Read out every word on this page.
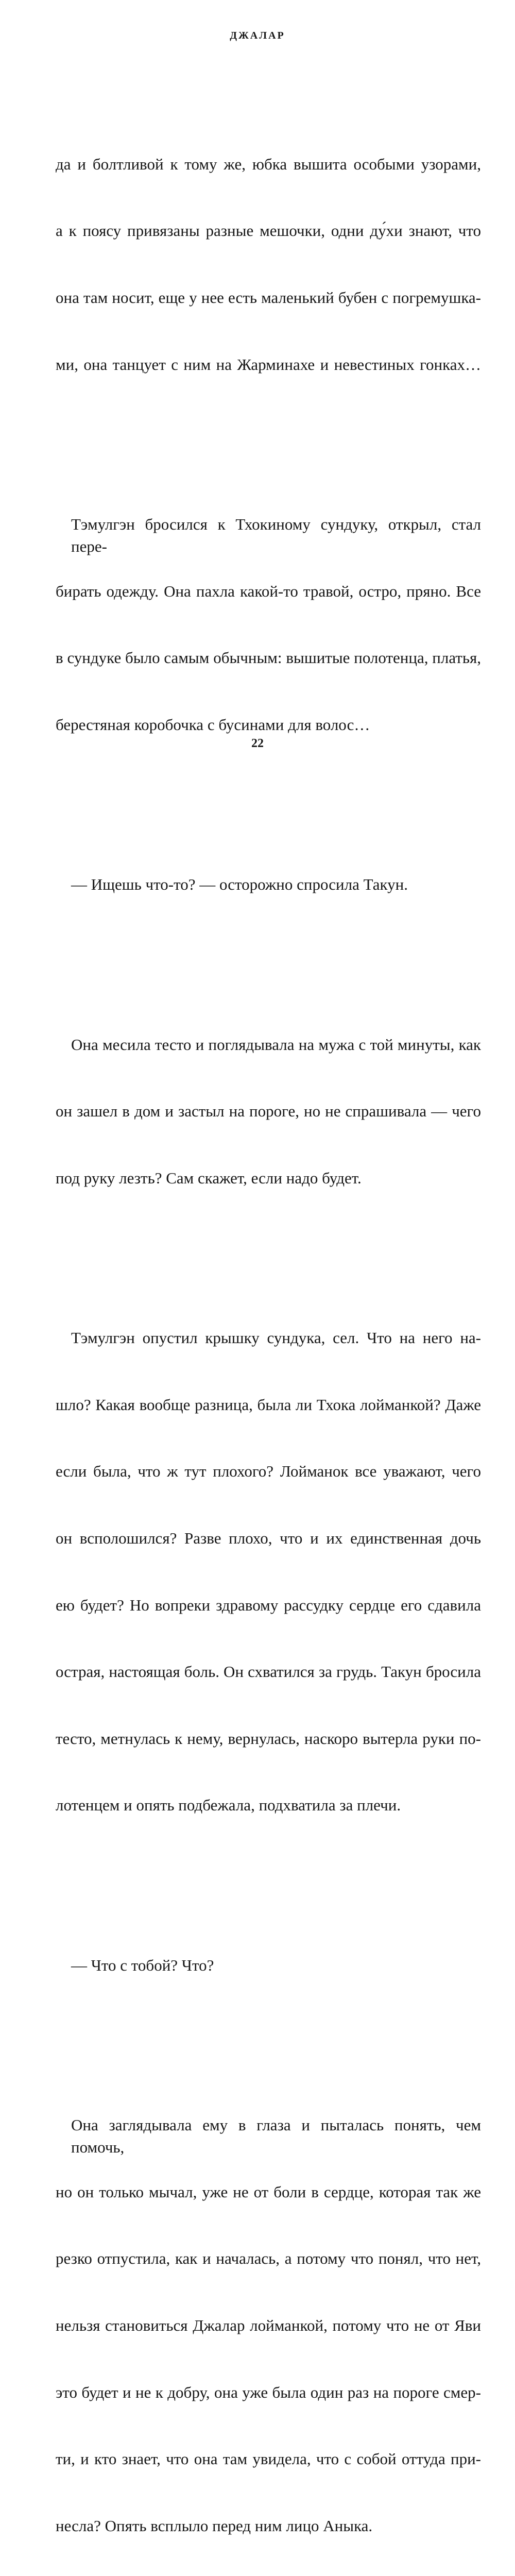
ДЖАЛАР

да и болтливой к тому же, юбка вышита особыми узорами,

а к поясу привязаны разные мешочки, одни ду́хи знают, что

она там носит, еще у нее есть маленький бубен с погремушка-

ми, она танцует с ним на Жарминахе и невестиных гонках…

Тэмулгэн бросился к Тхокиному сундуку, открыл, стал пере-

бирать одежду. Она пахла какой-то травой, остро, пряно. Все

в сундуке было самым обычным: вышитые полотенца, платья,

берестяная коробочка с бусинами для волос…

— Ищешь что-то? — осторожно спросила Такун.

Она месила тесто и поглядывала на мужа с той минуты, как

он зашел в дом и застыл на пороге, но не спрашивала — чего

под руку лезть? Сам скажет, если надо будет.

Тэмулгэн опустил крышку сундука, сел. Что на него на-

шло? Какая вообще разница, была ли Тхока лойманкой? Даже

если была, что ж тут плохого? Лойманок все уважают, чего

он всполошился? Разве плохо, что и их единственная дочь

ею будет? Но вопреки здравому рассудку сердце его сдавила

острая, настоящая боль. Он схватился за грудь. Такун бросила

тесто, метнулась к нему, вернулась, наскоро вытерла руки по-

лотенцем и опять подбежала, подхватила за плечи.

— Что с тобой? Что?

Она заглядывала ему в глаза и пыталась понять, чем помочь,

но он только мычал, уже не от боли в сердце, которая так же

резко отпустила, как и началась, а потому что понял, что нет,

нельзя становиться Джалар лойманкой, потому что не от Яви

это будет и не к добру, она уже была один раз на пороге смер-

ти, и кто знает, что она там увидела, что с собой оттуда при-

несла? Опять всплыло перед ним лицо Аныка.

22
